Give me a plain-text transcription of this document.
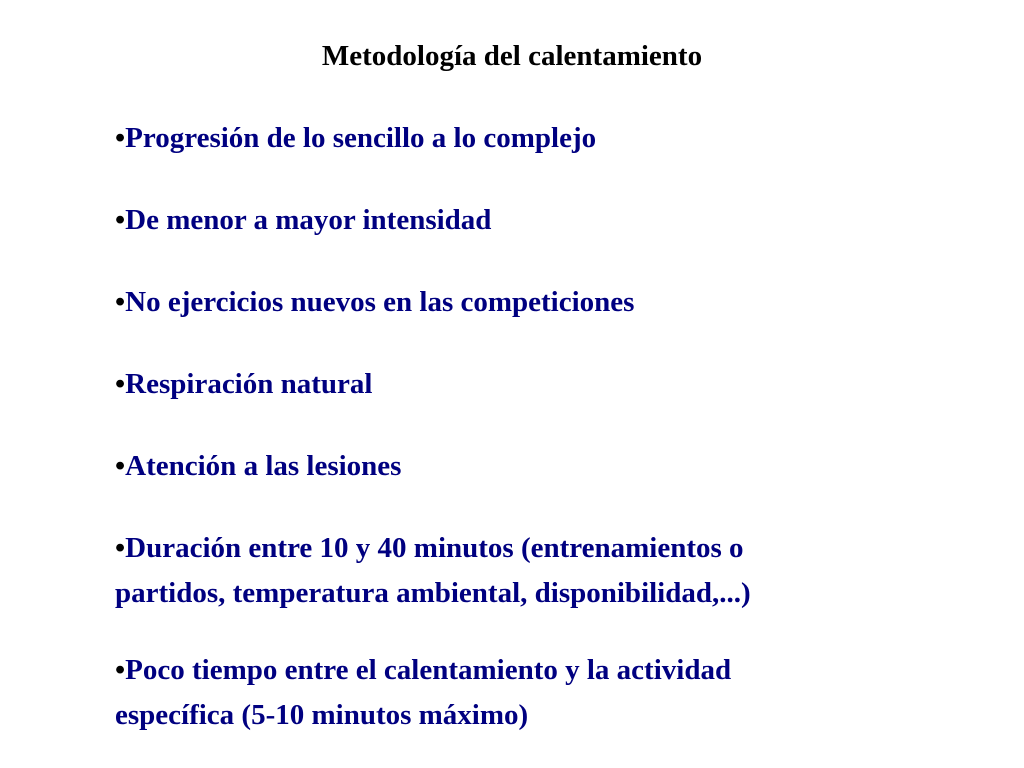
Metodología del calentamiento
•Progresión de lo sencillo a lo complejo
•De menor a mayor intensidad
•No ejercicios nuevos en las competiciones
•Respiración natural
•Atención a las lesiones
•Duración entre 10 y 40 minutos (entrenamientos o
partidos, temperatura ambiental, disponibilidad,...)
•Poco tiempo entre el calentamiento y la actividad
específica (5-10 minutos máximo)
